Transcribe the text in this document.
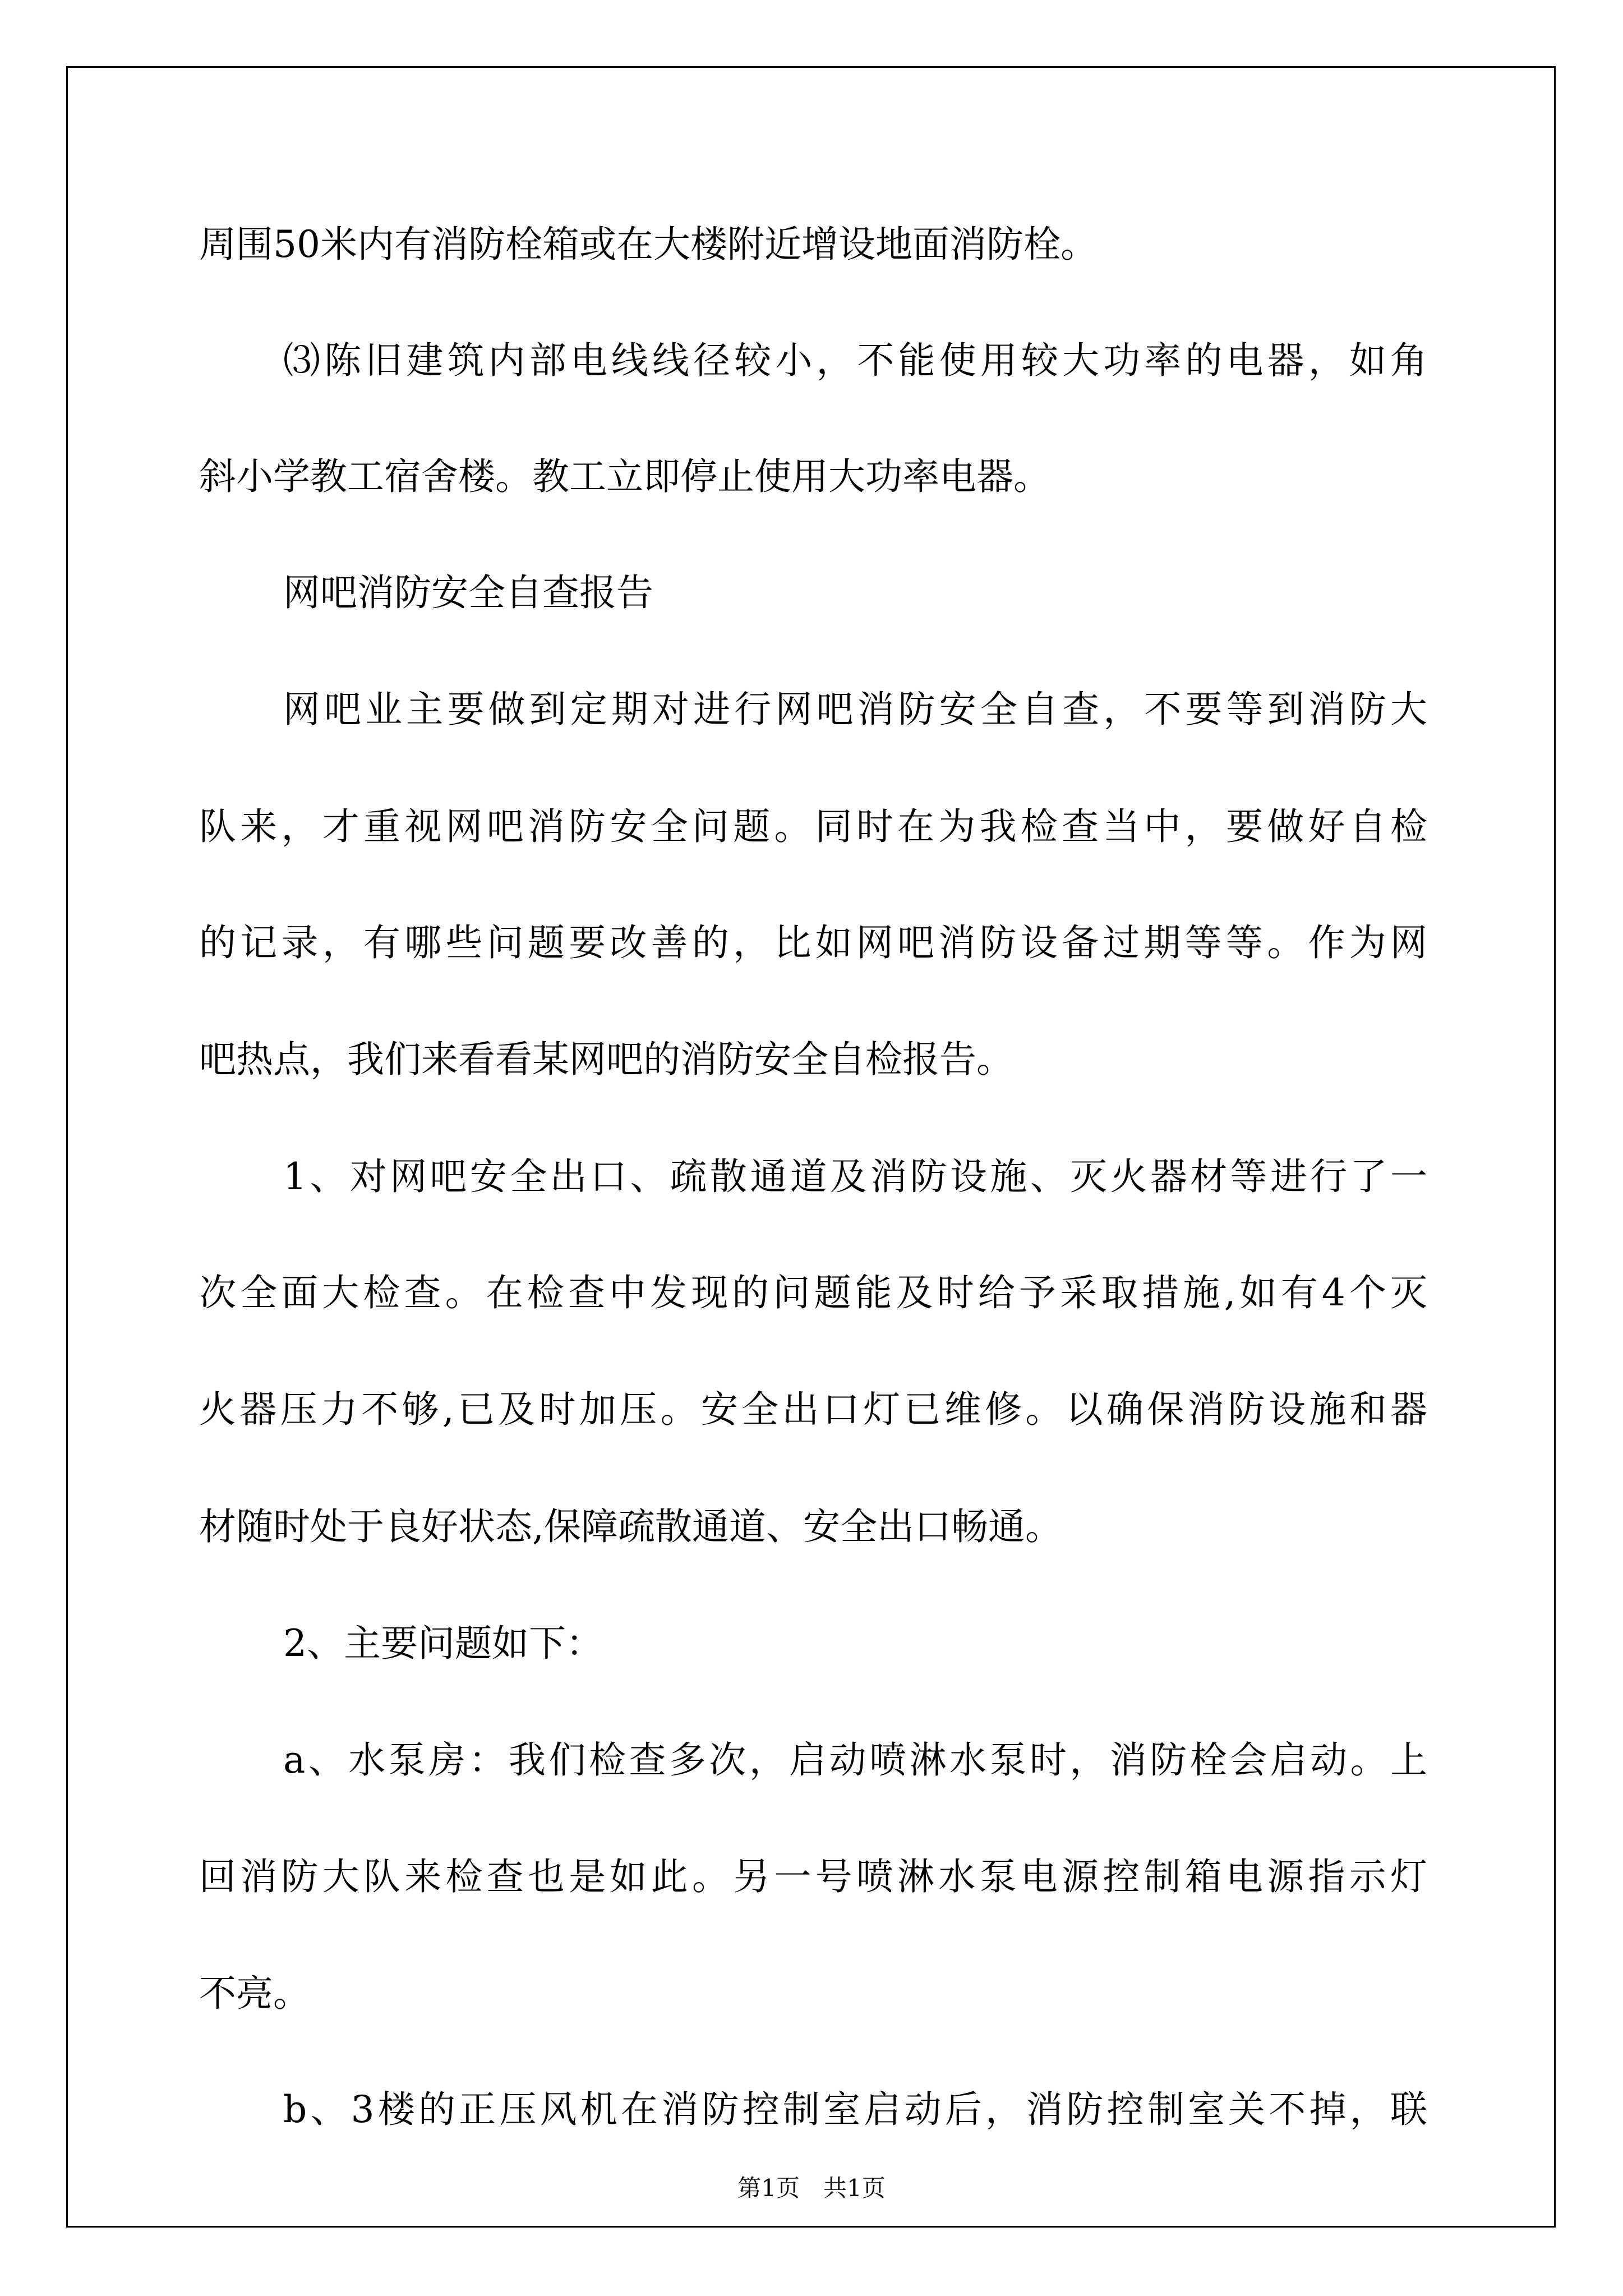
周围50米内有消防栓箱或在大楼附近增设地面消防栓。
⑶陈旧建筑内部电线线径较小，不能使用较大功率的电器，如角
斜小学教工宿舍楼。教工立即停止使用大功率电器。
网吧消防安全自查报告
网吧业主要做到定期对进行网吧消防安全自查，不要等到消防大
队来，才重视网吧消防安全问题。同时在为我检查当中，要做好自检
的记录，有哪些问题要改善的，比如网吧消防设备过期等等。作为网
吧热点，我们来看看某网吧的消防安全自检报告。
1、对网吧安全出口、疏散通道及消防设施、灭火器材等进行了一
次全面大检查。在检查中发现的问题能及时给予采取措施,如有4个灭
火器压力不够,已及时加压。安全出口灯已维修。以确保消防设施和器
材随时处于良好状态,保障疏散通道、安全出口畅通。
2、主要问题如下：
a、水泵房：我们检查多次，启动喷淋水泵时，消防栓会启动。上
回消防大队来检查也是如此。另一号喷淋水泵电源控制箱电源指示灯
不亮。
b、3楼的正压风机在消防控制室启动后，消防控制室关不掉，联
第1页　共1页
